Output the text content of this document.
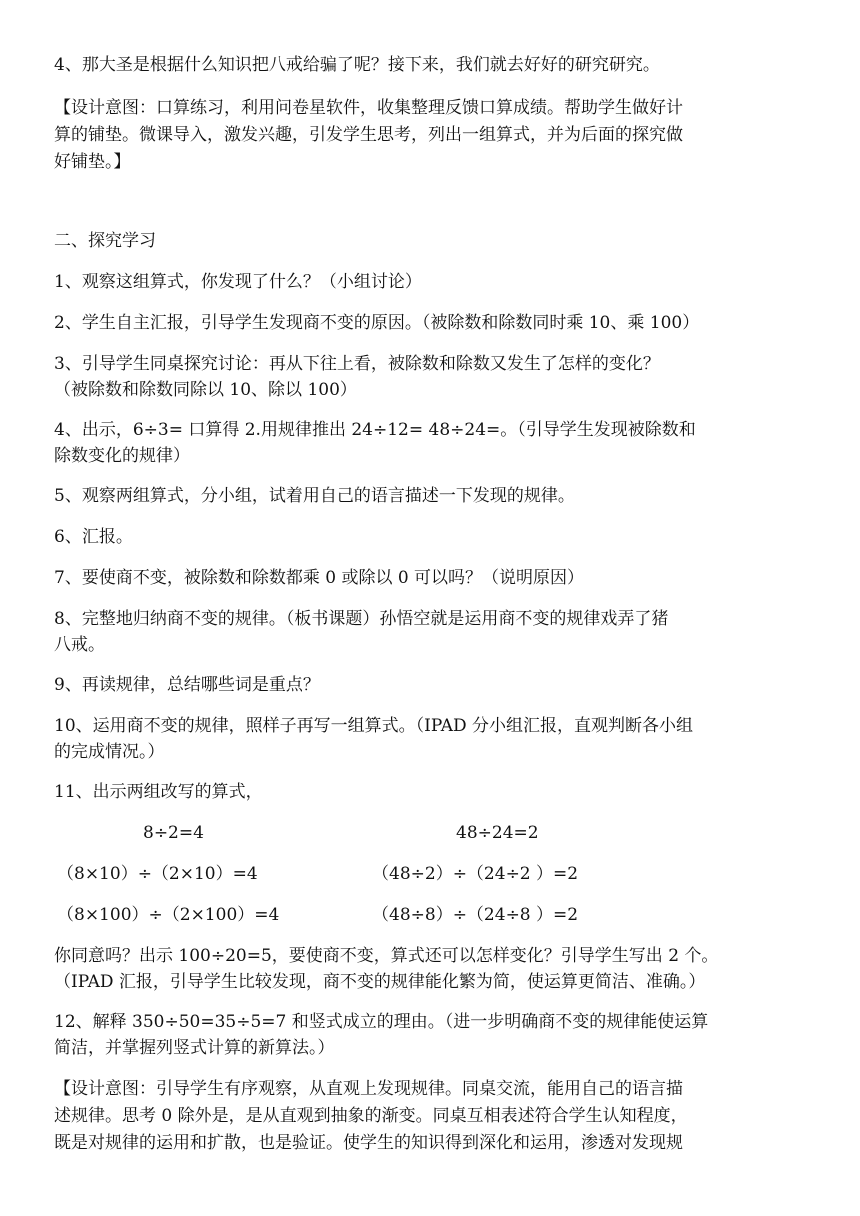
4、那大圣是根据什么知识把八戒给骗了呢？接下来，我们就去好好的研究研究。
【设计意图：口算练习，利用问卷星软件，收集整理反馈口算成绩。帮助学生做好计
算的铺垫。微课导入，激发兴趣，引发学生思考，列出一组算式，并为后面的探究做
好铺垫。】
二、探究学习
1、观察这组算式，你发现了什么？（小组讨论）
2、学生自主汇报，引导学生发现商不变的原因。（被除数和除数同时乘 10、乘 100）
3、引导学生同桌探究讨论：再从下往上看，被除数和除数又发生了怎样的变化？
（被除数和除数同除以 10、除以 100）
4、出示，6÷3= 口算得 2.用规律推出 24÷12= 48÷24=。（引导学生发现被除数和
除数变化的规律）
5、观察两组算式，分小组，试着用自己的语言描述一下发现的规律。
6、汇报。
7、要使商不变，被除数和除数都乘 0 或除以 0 可以吗？（说明原因）
8、完整地归纳商不变的规律。（板书课题）孙悟空就是运用商不变的规律戏弄了猪
八戒。
9、再读规律，总结哪些词是重点？
10、运用商不变的规律，照样子再写一组算式。（IPAD 分小组汇报，直观判断各小组
的完成情况。）
11、出示两组改写的算式，
8÷2=4	48÷24=2
（8×10）÷（2×10）=4	（48÷2）÷（24÷2 ）=2
（8×100）÷（2×100）=4	（48÷8）÷（24÷8 ）=2
你同意吗？出示 100÷20=5，要使商不变，算式还可以怎样变化？引导学生写出 2 个。
（IPAD 汇报，引导学生比较发现，商不变的规律能化繁为简，使运算更简洁、准确。）
12、解释 350÷50=35÷5=7 和竖式成立的理由。（进一步明确商不变的规律能使运算
简洁，并掌握列竖式计算的新算法。）
【设计意图：引导学生有序观察，从直观上发现规律。同桌交流，能用自己的语言描
述规律。思考 0 除外是，是从直观到抽象的渐变。同桌互相表述符合学生认知程度，
既是对规律的运用和扩散，也是验证。使学生的知识得到深化和运用，渗透对发现规
